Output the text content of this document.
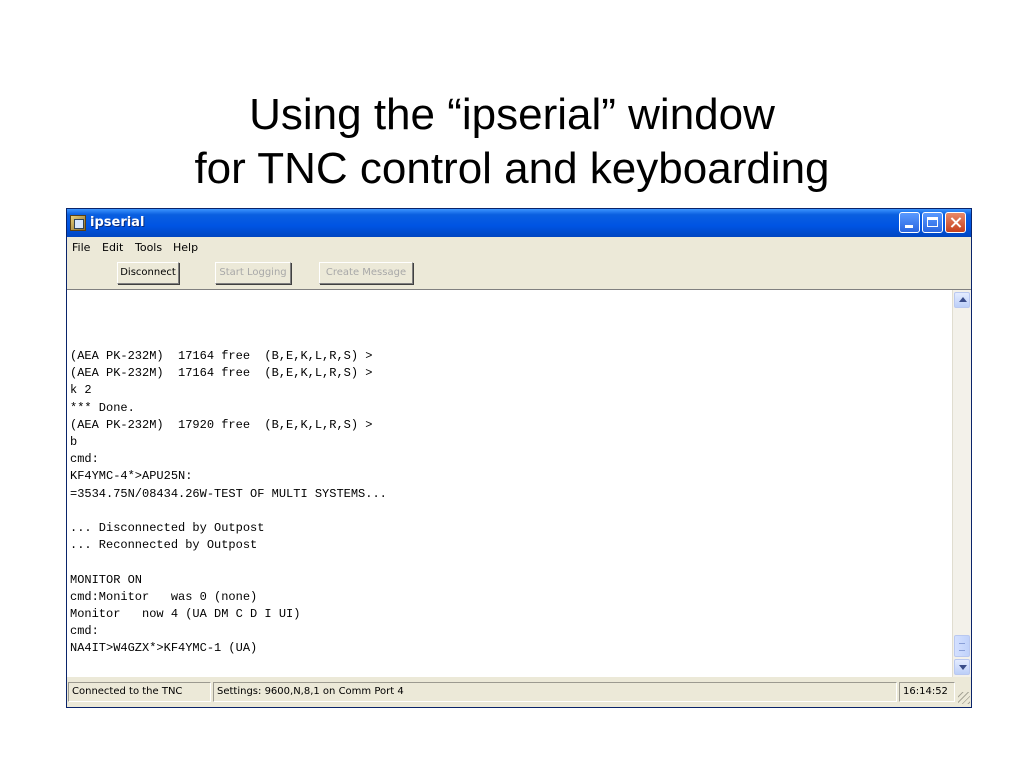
Using the “ipserial” window
for TNC control and keyboarding
ipserial
File Edit Tools Help
Disconnect	Start Logging	Create Message
(AEA PK-232M)  17164 free  (B,E,K,L,R,S) >
(AEA PK-232M)  17164 free  (B,E,K,L,R,S) >
k 2
*** Done.
(AEA PK-232M)  17920 free  (B,E,K,L,R,S) >
b
cmd:
KF4YMC-4*>APU25N:
=3534.75N/08434.26W-TEST OF MULTI SYSTEMS...

... Disconnected by Outpost
... Reconnected by Outpost

MONITOR ON
cmd:Monitor   was 0 (none)
Monitor   now 4 (UA DM C D I UI)
cmd:
NA4IT>W4GZX*>KF4YMC-1 (UA)
Connected to the TNC	Settings: 9600,N,8,1 on Comm Port 4	16:14:52
